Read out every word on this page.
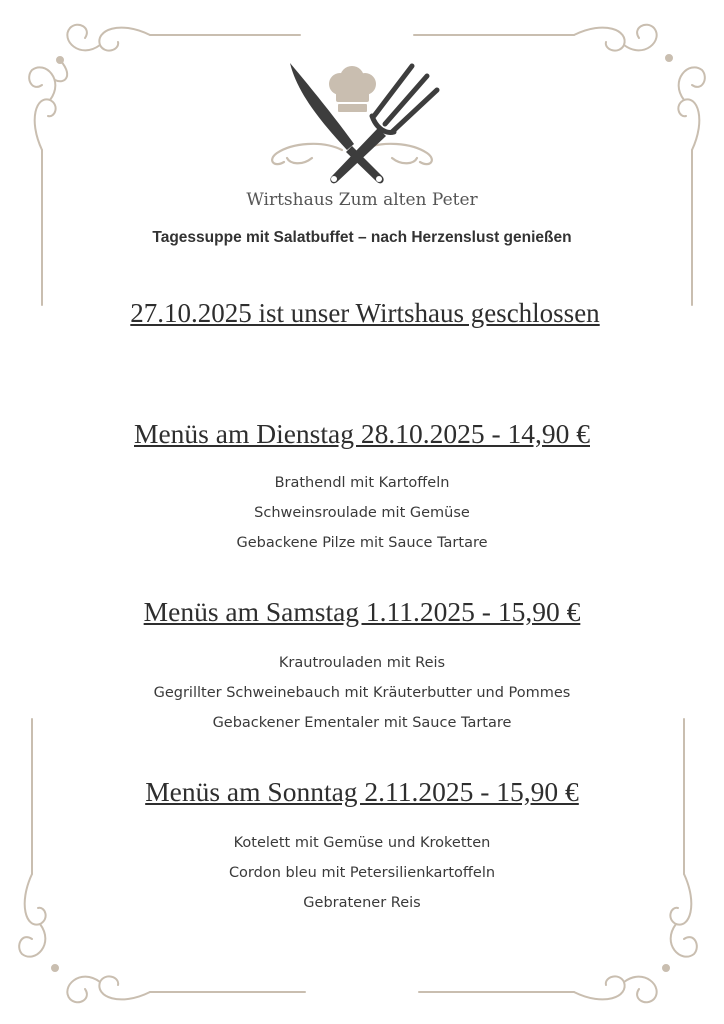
Wirtshaus Zum alten Peter
Tagessuppe mit Salatbuffet – nach Herzenslust genießen
27.10.2025 ist unser Wirtshaus geschlossen
Menüs am Dienstag 28.10.2025 - 14,90 €
Brathendl mit Kartoffeln
Schweinsroulade mit Gemüse
Gebackene Pilze mit Sauce Tartare
Menüs am Samstag 1.11.2025 - 15,90 €
Krautrouladen mit Reis
Gegrillter Schweinebauch mit Kräuterbutter und Pommes
Gebackener Ementaler mit Sauce Tartare
Menüs am Sonntag 2.11.2025 - 15,90 €
Kotelett mit Gemüse und Kroketten
Cordon bleu mit Petersilienkartoffeln
Gebratener Reis
